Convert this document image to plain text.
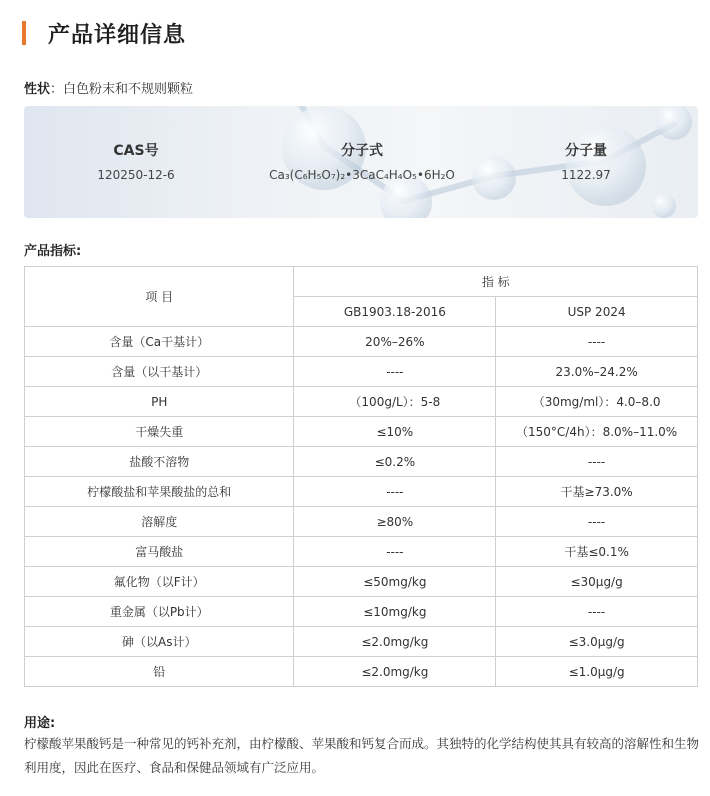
产品详细信息
性状：白色粉末和不规则颗粒
CAS号
120250-12-6
分子式
Ca₃(C₆H₅O₇)₂•3CaC₄H₄O₅•6H₂O
分子量
1122.97
产品指标:
项 目	指 标	
	GB1903.18-2016	USP 2024
含量（Ca干基计）	20%–26%	----
含量（以干基计）	----	23.0%–24.2%
PH	（100g/L）：5-8	（30mg/ml）：4.0–8.0
干燥失重	≤10%	（150°C/4h）：8.0%–11.0%
盐酸不溶物	≤0.2%	----
柠檬酸盐和苹果酸盐的总和	----	干基≥73.0%
溶解度	≥80%	----
富马酸盐	----	干基≤0.1%
氟化物（以F计）	≤50mg/kg	≤30μg/g
重金属（以Pb计）	≤10mg/kg	----
砷（以As计）	≤2.0mg/kg	≤3.0μg/g
铅	≤2.0mg/kg	≤1.0μg/g
用途:
柠檬酸苹果酸钙是一种常见的钙补充剂，由柠檬酸、苹果酸和钙复合而成。其独特的化学结构使其具有较高的溶解性和生物利用度，因此在医疗、食品和保健品领域有广泛应用。
